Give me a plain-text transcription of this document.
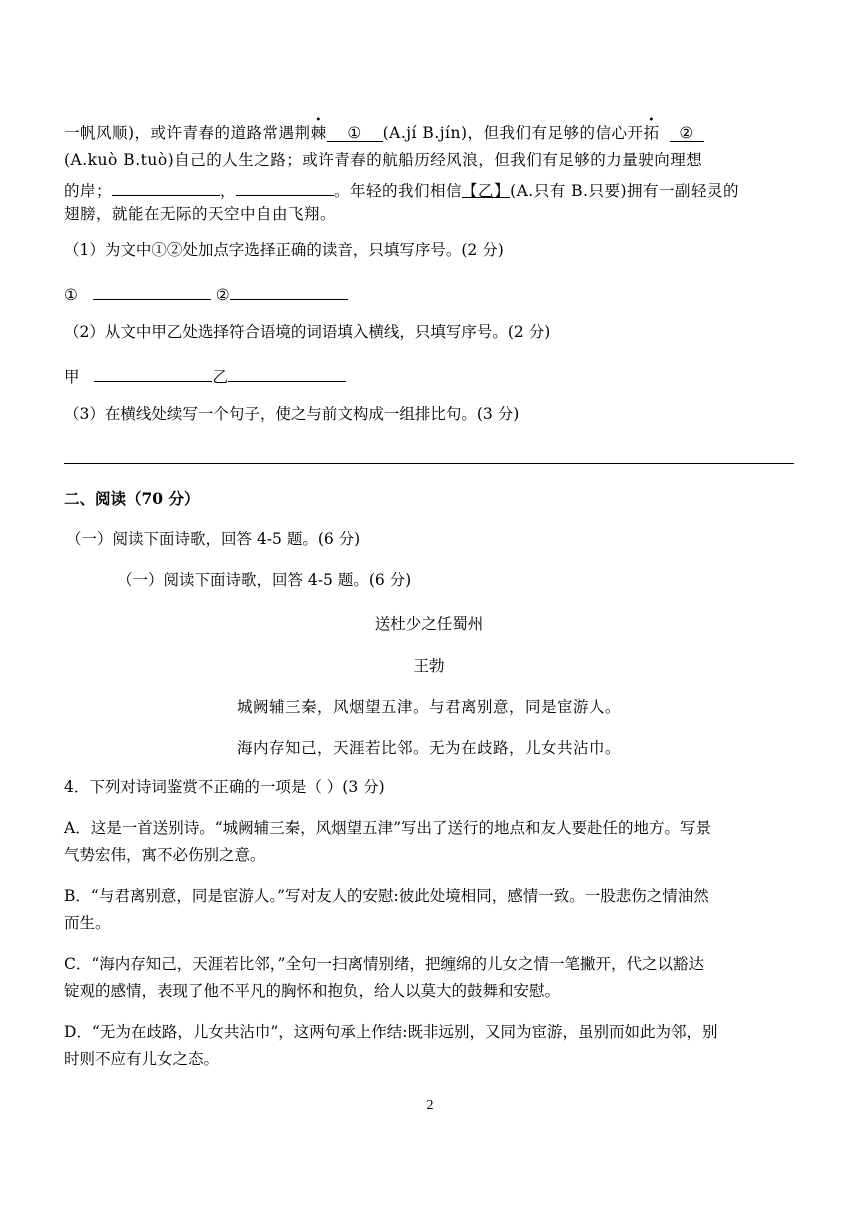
一帆风顺)，或许青春的道路常遇荆棘 ① (A.jí B.jín)，但我们有足够的信心开拓 ②
(A.kuò B.tuò)自己的人生之路；或许青春的航船历经风浪，但我们有足够的力量驶向理想
的岸；	，	。年轻的我们相信【乙】(A.只有 B.只要)拥有一副轻灵的
翅膀，就能在无际的天空中自由飞翔。
（1）为文中①②处加点字选择正确的读音，只填写序号。(2 分)
①	②
（2）从文中甲乙处选择符合语境的词语填入横线，只填写序号。(2 分)
甲	乙
（3）在横线处续写一个句子，使之与前文构成一组排比句。(3 分)
二、阅读（70 分）
（一）阅读下面诗歌，回答 4-5 题。(6 分)
（一）阅读下面诗歌，回答 4-5 题。(6 分)
送杜少之任蜀州
王勃
城阙辅三秦，风烟望五津。与君离别意，同是宦游人。
海内存知己，天涯若比邻。无为在歧路，儿女共沾巾。
4．下列对诗词鉴赏不正确的一项是（ ）(3 分)
A．这是一首送别诗。“城阙辅三秦，风烟望五津”写出了送行的地点和友人要赴任的地方。写景
气势宏伟，寓不必伤别之意。
B．“与君离别意，同是宦游人。”写对友人的安慰:彼此处境相同，感情一致。一股悲伤之情油然
而生。
C．“海内存知己，天涯若比邻，”全句一扫离情别绪，把缠绵的儿女之情一笔撇开，代之以豁达
锭观的感情，表现了他不平凡的胸怀和抱负，给人以莫大的鼓舞和安慰。
D．“无为在歧路，儿女共沾巾”，这两句承上作结:既非远别，又同为宦游，虽别而如此为邻，别
时则不应有儿女之态。
2
